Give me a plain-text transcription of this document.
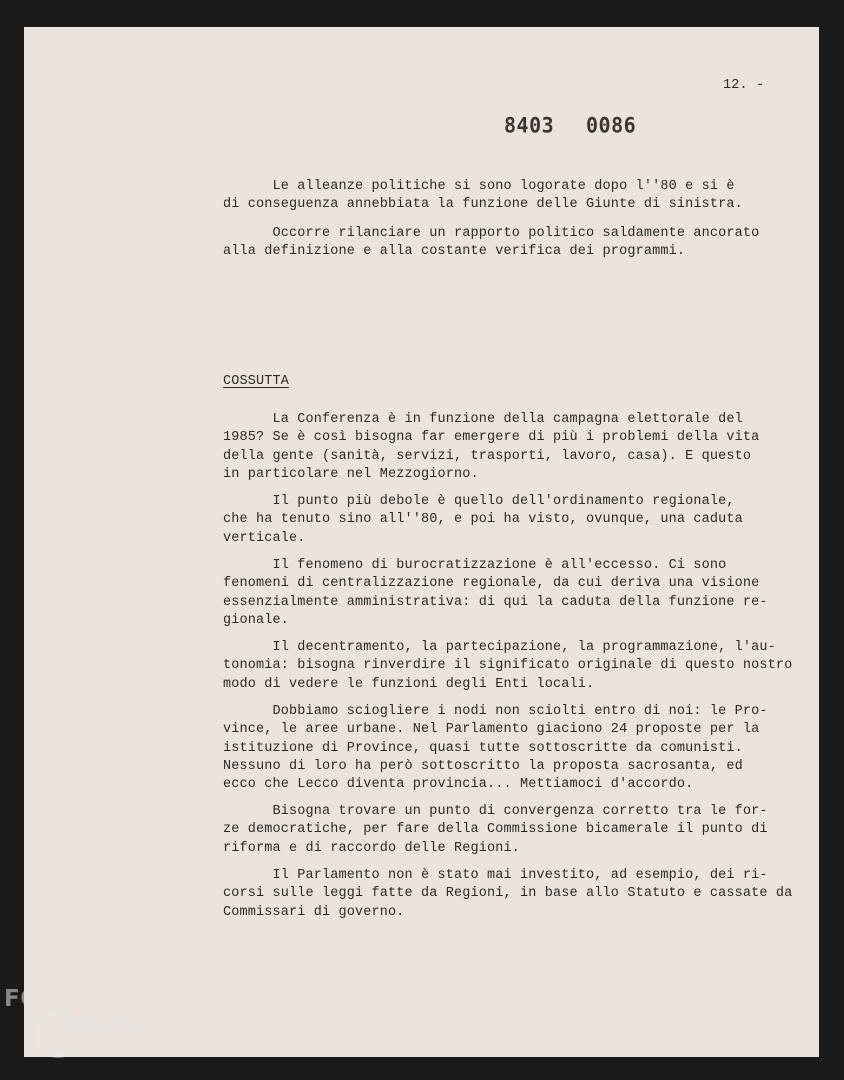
12. -
8403 0086
Le alleanze politiche si sono logorate dopo l''80 e si è
di conseguenza annebbiata la funzione delle Giunte di sinistra.
Occorre rilanciare un rapporto politico saldamente ancorato
alla definizione e alla costante verifica dei programmi.
COSSUTTA
La Conferenza è in funzione della campagna elettorale del
1985? Se è così bisogna far emergere di più i problemi della vita
della gente (sanità, servizi, trasporti, lavoro, casa). E questo
in particolare nel Mezzogiorno.
Il punto più debole è quello dell'ordinamento regionale,
che ha tenuto sino all''80, e poi ha visto, ovunque, una caduta
verticale.
Il fenomeno di burocratizzazione è all'eccesso. Ci sono
fenomeni di centralizzazione regionale, da cui deriva una visione
essenzialmente amministrativa: di qui la caduta della funzione re-
gionale.
Il decentramento, la partecipazione, la programmazione, l'au-
tonomia: bisogna rinverdire il significato originale di questo nostro
modo di vedere le funzioni degli Enti locali.
Dobbiamo sciogliere i nodi non sciolti entro di noi: le Pro-
vince, le aree urbane. Nel Parlamento giaciono 24 proposte per la
istituzione di Province, quasi tutte sottoscritte da comunisti.
Nessuno di loro ha però sottoscritto la proposta sacrosanta, ed
ecco che Lecco diventa provincia... Mettiamoci d'accordo.
Bisogna trovare un punto di convergenza corretto tra le for-
ze democratiche, per fare della Commissione bicamerale il punto di
riforma e di raccordo delle Regioni.
Il Parlamento non è stato mai investito, ad esempio, dei ri-
corsi sulle leggi fatte da Regioni, in base allo Statuto e cassate da
Commissari di governo.
FONDAZIONE
RAMSCI
onlus
